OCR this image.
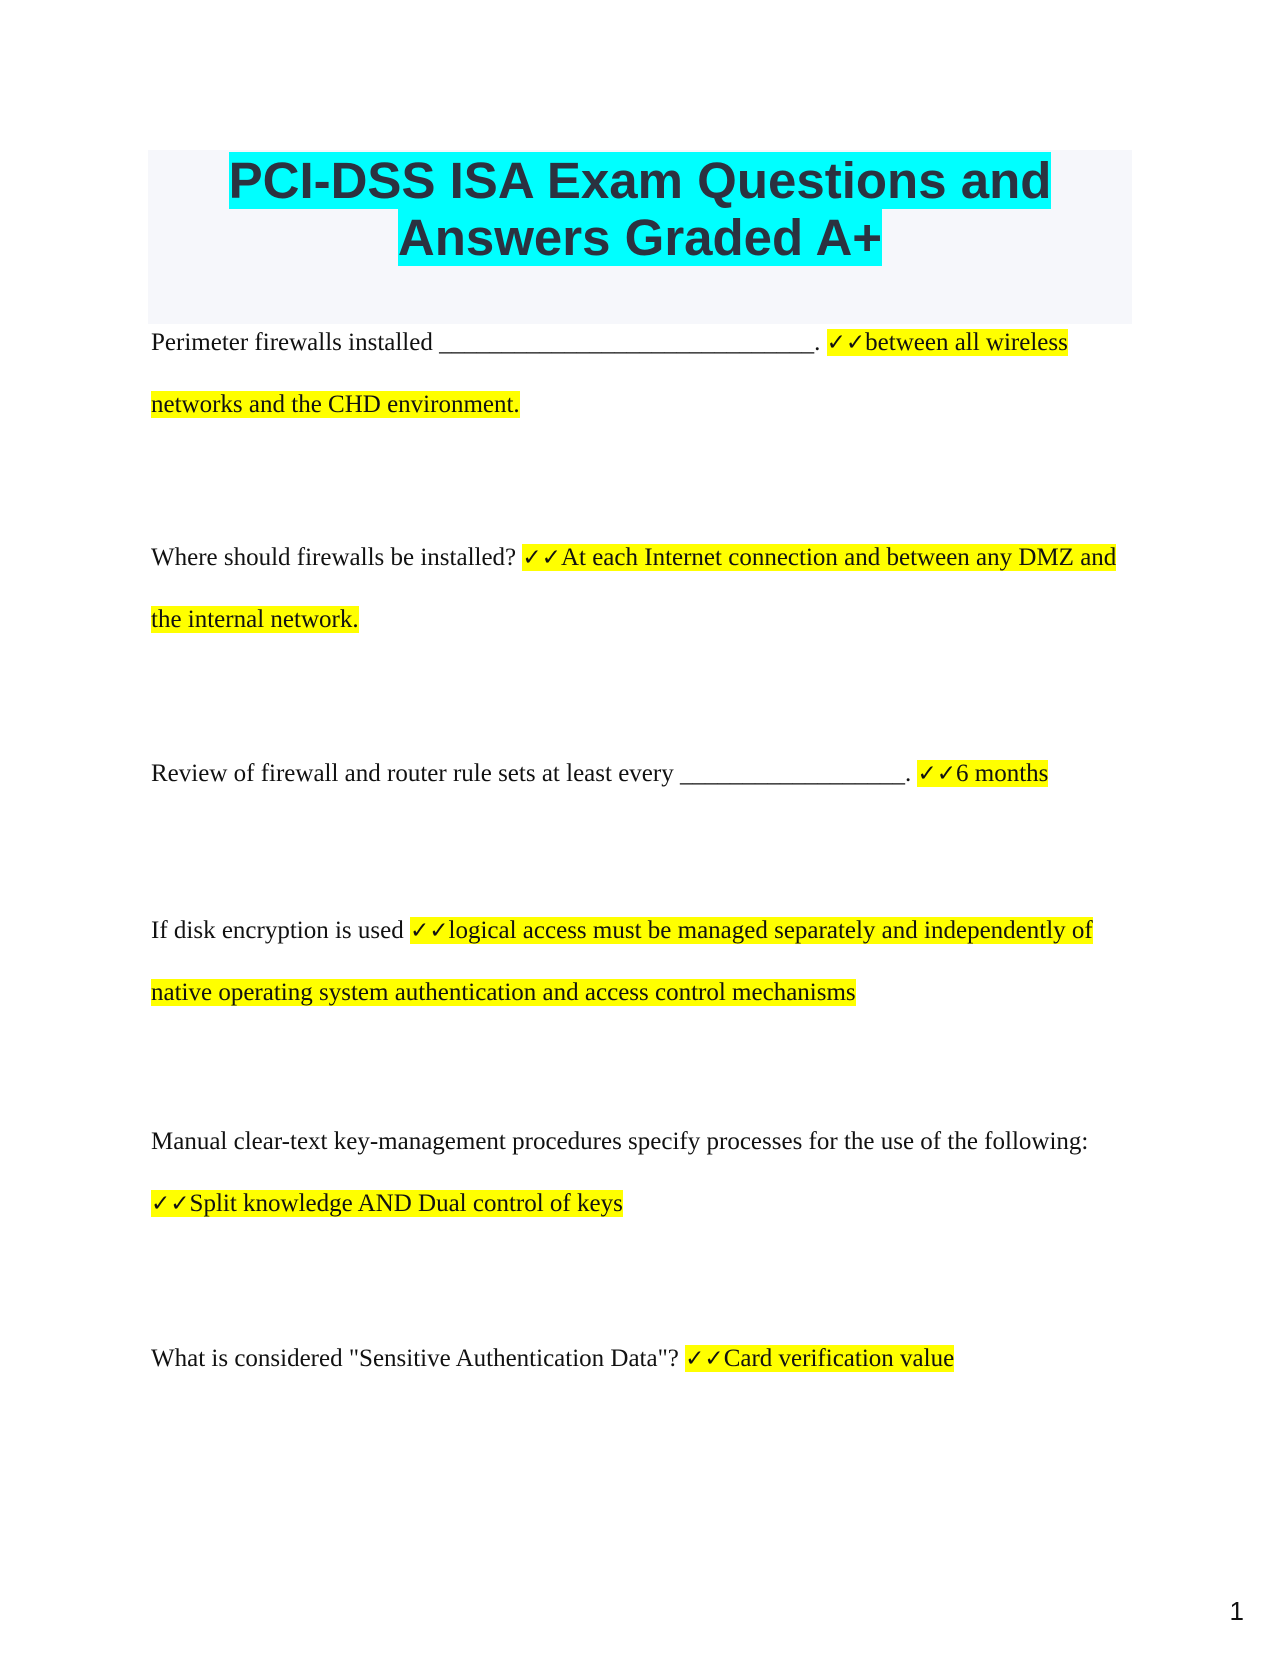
PCI-DSS ISA Exam Questions and
Answers Graded A+
Perimeter firewalls installed ______________________________. ✓✓between all wireless networks and the CHD environment.
Where should firewalls be installed? ✓✓At each Internet connection and between any DMZ and the internal network.
Review of firewall and router rule sets at least every __________________. ✓✓6 months
If disk encryption is used ✓✓logical access must be managed separately and independently of native operating system authentication and access control mechanisms
Manual clear-text key-management procedures specify processes for the use of the following: ✓✓Split knowledge AND Dual control of keys
What is considered "Sensitive Authentication Data"? ✓✓Card verification value
1
